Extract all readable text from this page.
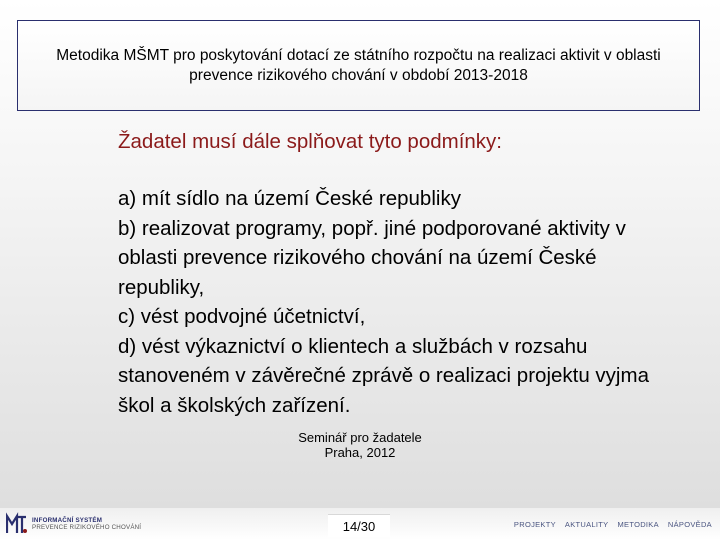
Metodika MŠMT pro poskytování dotací ze státního rozpočtu na realizaci aktivit v oblasti prevence rizikového chování v období 2013-2018

Žadatel musí dále splňovat tyto podmínky:

a) mít sídlo na území České republiky
b) realizovat programy, popř. jiné podporované aktivity v oblasti prevence rizikového chování na území České republiky,
c) vést podvojné účetnictví,
d) vést výkaznictví o klientech a službách v rozsahu stanoveném v závěrečné zprávě o realizaci projektu vyjma škol a školských zařízení.
Seminář pro žadatele
Praha, 2012
INFORMAČNÍ SYSTÉM
PREVENCE RIZIKOVÉHO CHOVÁNÍ	14/30	PROJEKTY AKTUALITY METODIKA NÁPOVĚDA
